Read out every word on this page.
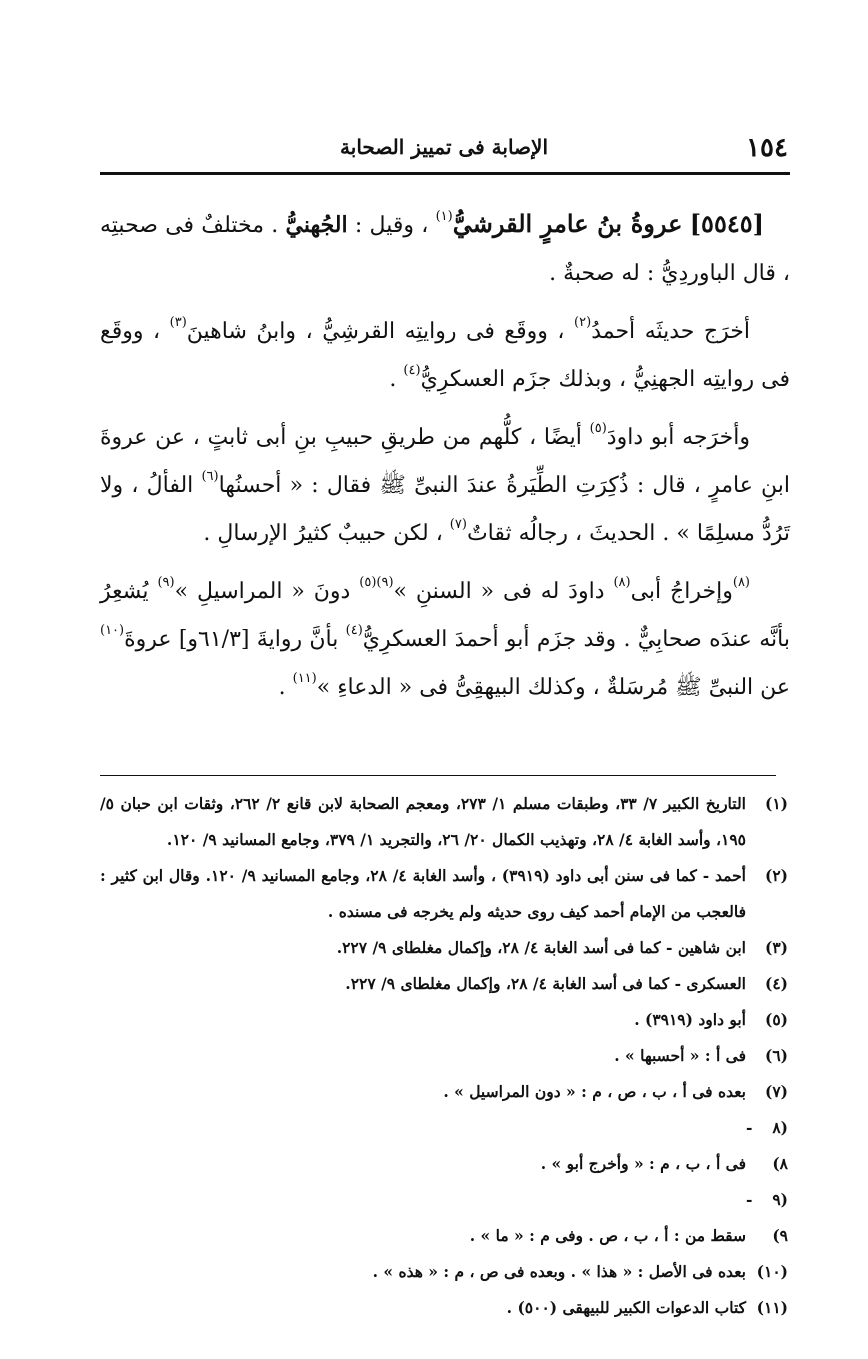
١٥٤
الإصابة فى تمييز الصحابة

[٥٥٤٥] عروةُ بنُ عامرٍ القرشيُّ$^{(١)}$ ، وقيل : الجُهنيُّ . مختلفٌ فى صحبتِه ، قال الباوردِيُّ : له صحبةٌ .

أخرَج حديثَه أحمدُ$^{(٢)}$ ، ووقَع فى روايتِه القرشِيُّ ، وابنُ شاهينَ$^{(٣)}$ ، ووقَع فى روايتِه الجهنِيُّ ، وبذلك جزَم العسكرِيُّ$^{(٤)}$ .

وأخرَجه أبو داودَ$^{(٥)}$ أيضًا ، كلُّهم من طريقِ حبيبِ بنِ أبى ثابتٍ ، عن عروةَ ابنِ عامرٍ ، قال : ذُكِرَتِ الطِّيَرةُ عندَ النبىِّ ﷺ فقال : « أحسنُها$^{(٦)}$ الفألُ ، ولا تَرُدُّ مسلِمًا » . الحديثَ ، رجالُه ثقاتٌ$^{(٧)}$ ، لكن حبيبٌ كثيرُ الإرسالِ .

$^{(٨)}$وإخراجُ أبى$^{(٨)}$ داودَ له فى « السننِ »$^{(٩)(٥)}$ دونَ « المراسيلِ »$^{(٩)}$ يُشعِرُ بأنَّه عندَه صحابِيٌّ . وقد جزَم أبو أحمدَ العسكرِيُّ$^{(٤)}$ بأنَّ روايةَ [٦١/٣و] عروةَ$^{(١٠)}$ عن النبىِّ ﷺ مُرسَلةٌ ، وكذلك البيهقِىُّ فى « الدعاءِ »$^{(١١)}$ .

(١)التاريخ الكبير ٧/ ٣٣، وطبقات مسلم ١/ ٢٧٣، ومعجم الصحابة لابن قانع ٢/ ٢٦٢، وثقات ابن حبان ٥/ ١٩٥، وأسد الغابة ٤/ ٢٨، وتهذيب الكمال ٢٠/ ٢٦، والتجريد ١/ ٣٧٩، وجامع المسانيد ٩/ ١٢٠.

(٢)أحمد - كما فى سنن أبى داود (٣٩١٩) ، وأسد الغابة ٤/ ٢٨، وجامع المسانيد ٩/ ١٢٠. وقال ابن كثير : فالعجب من الإمام أحمد كيف روى حديثه ولم يخرجه فى مسنده .

(٣)ابن شاهين - كما فى أسد الغابة ٤/ ٢٨، وإكمال مغلطاى ٩/ ٢٢٧.

(٤)العسكرى - كما فى أسد الغابة ٤/ ٢٨، وإكمال مغلطاى ٩/ ٢٢٧.

(٥)أبو داود (٣٩١٩) .

(٦)فى أ : « أحسبها » .

(٧)بعده فى أ ، ب ، ص ، م : « دون المراسيل » .

(٨ - ٨)فى أ ، ب ، م : « وأخرج أبو » .

(٩ - ٩)سقط من : أ ، ب ، ص . وفى م : « ما » .

(١٠)بعده فى الأصل : « هذا » . وبعده فى ص ، م : « هذه » .

(١١)كتاب الدعوات الكبير للبيهقى (٥٠٠) .
